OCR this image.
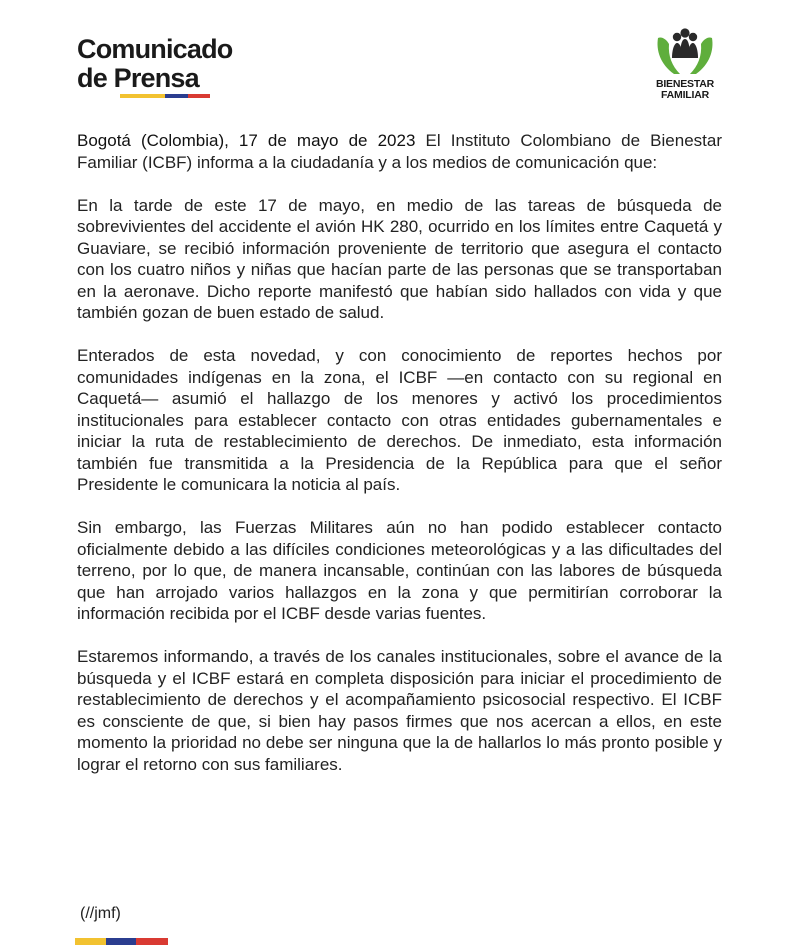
Comunicado
de Prensa	BIENESTAR
FAMILIAR

Bogotá (Colombia), 17 de mayo de 2023 El Instituto Colombiano de Bienestar Familiar (ICBF) informa a la ciudadanía y a los medios de comunicación que:

En la tarde de este 17 de mayo, en medio de las tareas de búsqueda de sobrevivientes del accidente el avión HK 280, ocurrido en los límites entre Caquetá y Guaviare, se recibió información proveniente de territorio que asegura el contacto con los cuatro niños y niñas que hacían parte de las personas que se transportaban en la aeronave. Dicho reporte manifestó que habían sido hallados con vida y que también gozan de buen estado de salud.

Enterados de esta novedad, y con conocimiento de reportes hechos por comunidades indígenas en la zona, el ICBF —en contacto con su regional en Caquetá— asumió el hallazgo de los menores y activó los procedimientos institucionales para establecer contacto con otras entidades gubernamentales e iniciar la ruta de restablecimiento de derechos. De inmediato, esta información también fue transmitida a la Presidencia de la República para que el señor Presidente le comunicara la noticia al país.

Sin embargo, las Fuerzas Militares aún no han podido establecer contacto oficialmente debido a las difíciles condiciones meteorológicas y a las dificultades del terreno, por lo que, de manera incansable, continúan con las labores de búsqueda que han arrojado varios hallazgos en la zona y que permitirían corroborar la información recibida por el ICBF desde varias fuentes.

Estaremos informando, a través de los canales institucionales, sobre el avance de la búsqueda y el ICBF estará en completa disposición para iniciar el procedimiento de restablecimiento de derechos y el acompañamiento psicosocial respectivo. El ICBF es consciente de que, si bien hay pasos firmes que nos acercan a ellos, en este momento la prioridad no debe ser ninguna que la de hallarlos lo más pronto posible y lograr el retorno con sus familiares.

(//jmf)
